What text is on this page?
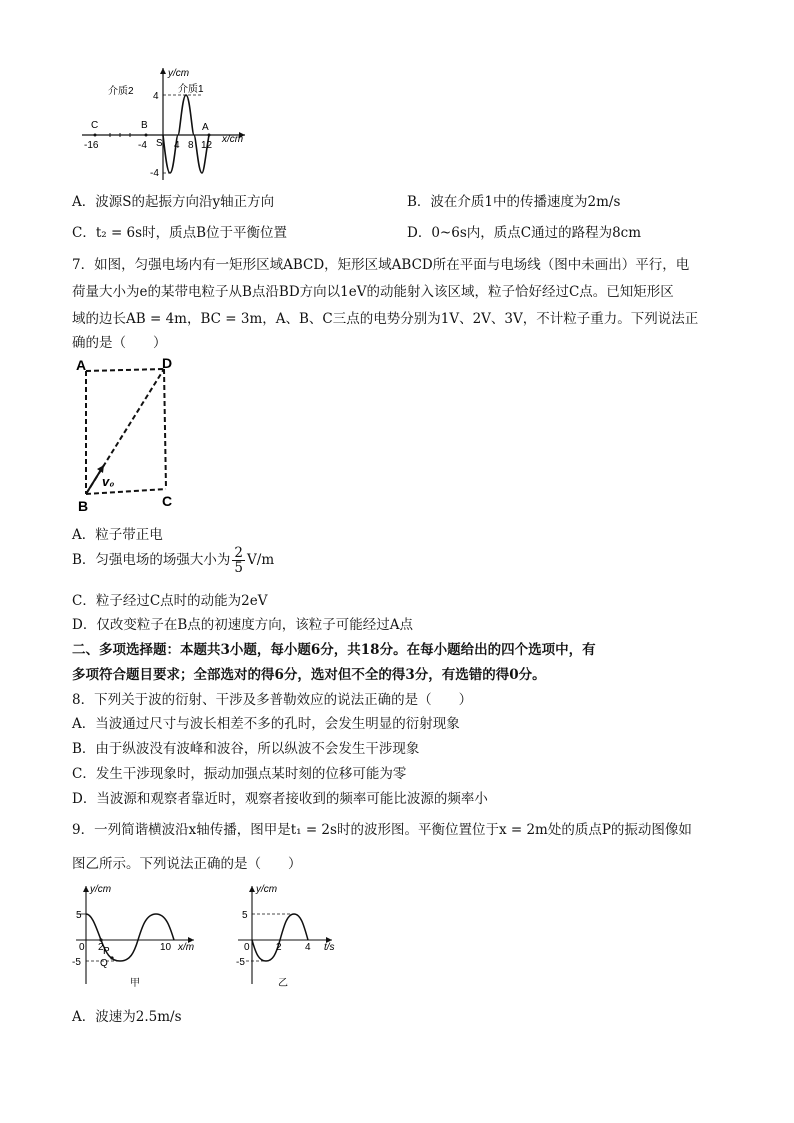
y/cm
x/cm
介质2	介质1
C	B	A
S
4
-4
-16	-4	4 8 12
A．波源S的起振方向沿y轴正方向	B．波在介质1中的传播速度为2m/s
C．t₂ = 6s时，质点B位于平衡位置	D．0~6s内，质点C通过的路程为8cm
7．如图，匀强电场内有一矩形区域ABCD，矩形区域ABCD所在平面与电场线（图中未画出）平行，电
荷量大小为e的某带电粒子从B点沿BD方向以1eV的动能射入该区域，粒子恰好经过C点。已知矩形区
域的边长AB = 4m，BC = 3m，A、B、C三点的电势分别为1V、2V、3V，不计粒子重力。下列说法正
确的是（　　）
A	D
B	C
v₀
A．粒子带正电
B．匀强电场的场强大小为 $\frac{2}{5} V/m$
C．粒子经过C点时的动能为2eV
D．仅改变粒子在B点的初速度方向，该粒子可能经过A点
二、多项选择题：本题共3小题，每小题6分，共18分。在每小题给出的四个选项中，有
多项符合题目要求；全部选对的得6分，选对但不全的得3分，有选错的得0分。
8．下列关于波的衍射、干涉及多普勒效应的说法正确的是（　　）
A．当波通过尺寸与波长相差不多的孔时，会发生明显的衍射现象
B．由于纵波没有波峰和波谷，所以纵波不会发生干涉现象
C．发生干涉现象时，振动加强点某时刻的位移可能为零
D．当波源和观察者靠近时，观察者接收到的频率可能比波源的频率小
9．一列简谐横波沿x轴传播，图甲是t₁ = 2s时的波形图。平衡位置位于x = 2m处的质点P的振动图像如
图乙所示。下列说法正确的是（　　）
y/cm
x/m
5
-5
0 2	10
P
Q
甲
y/cm
t/s
5
-5
0	2 4
乙
A．波速为2.5m/s
